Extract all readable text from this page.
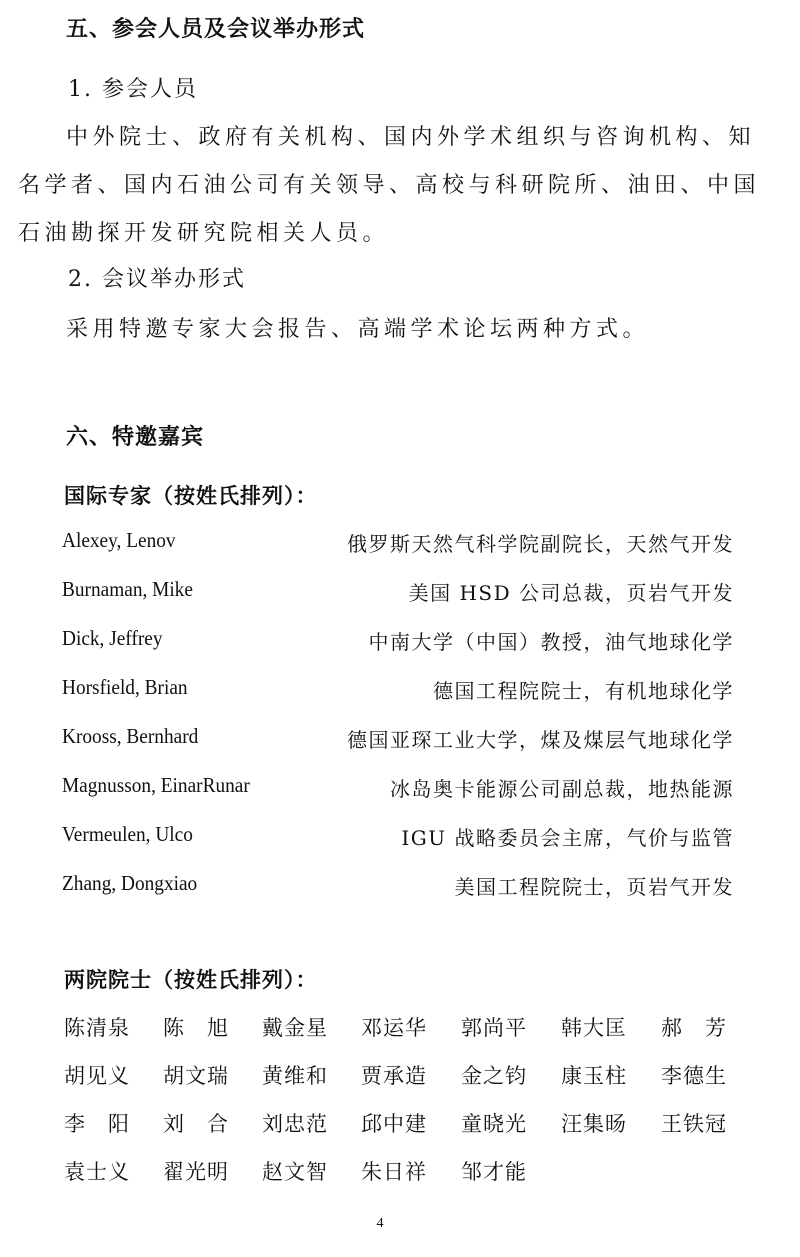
五、参会人员及会议举办形式
1. 参会人员
中外院士、政府有关机构、国内外学术组织与咨询机构、知
名学者、国内石油公司有关领导、高校与科研院所、油田、中国
石油勘探开发研究院相关人员。
2. 会议举办形式
采用特邀专家大会报告、高端学术论坛两种方式。
六、特邀嘉宾
国际专家（按姓氏排列）：
Alexey, Lenov	俄罗斯天然气科学院副院长，天然气开发
Burnaman, Mike	美国 HSD 公司总裁，页岩气开发
Dick, Jeffrey	中南大学（中国）教授，油气地球化学
Horsfield, Brian	德国工程院院士，有机地球化学
Krooss, Bernhard	德国亚琛工业大学，煤及煤层气地球化学
Magnusson, EinarRunar	冰岛奥卡能源公司副总裁，地热能源
Vermeulen, Ulco	IGU 战略委员会主席，气价与监管
Zhang, Dongxiao	美国工程院院士，页岩气开发
两院院士（按姓氏排列）：
陈清泉 陈　旭 戴金星 邓运华 郭尚平 韩大匡 郝　芳
胡见义 胡文瑞 黄维和 贾承造 金之钧 康玉柱 李德生
李　阳 刘　合 刘忠范 邱中建 童晓光 汪集旸 王铁冠
袁士义 翟光明 赵文智 朱日祥 邹才能
4
